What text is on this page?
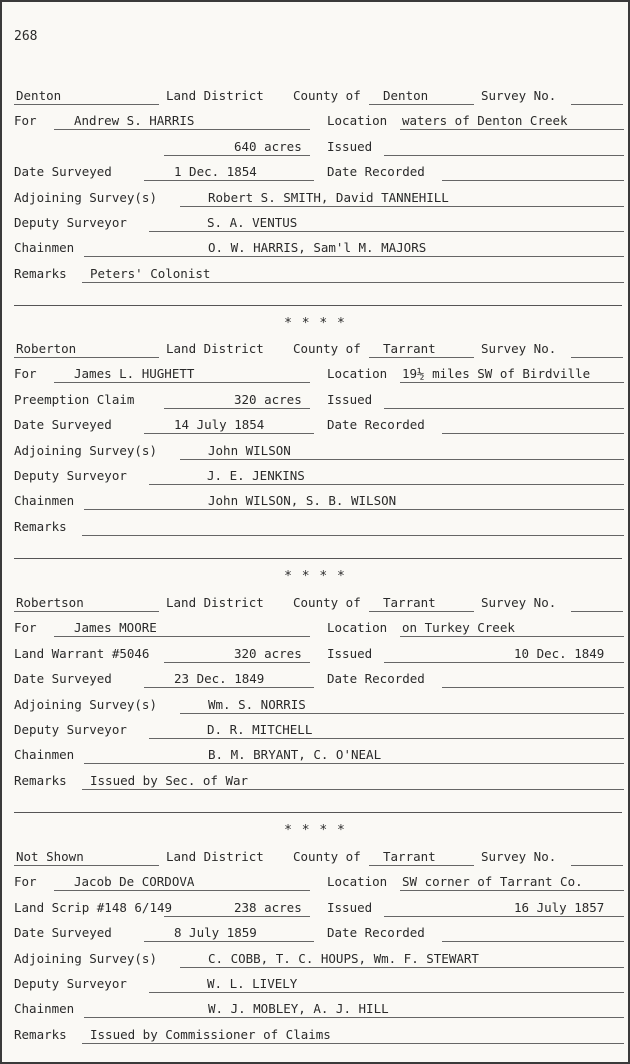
268
Denton	Land District County of Denton	Survey No.
For	Andrew S. HARRIS	Location waters of Denton Creek
640 acres Issued
Date Surveyed	1 Dec. 1854	Date Recorded
Adjoining Survey(s)	Robert S. SMITH, David TANNEHILL
Deputy Surveyor	S. A. VENTUS
Chainmen	O. W. HARRIS, Sam'l M. MAJORS
Remarks Peters' Colonist
* * * *
Roberton	Land District County of Tarrant	Survey No.
For	James L. HUGHETT	Location 19½ miles SW of Birdville
Preemption Claim	320 acres Issued
Date Surveyed	14 July 1854	Date Recorded
Adjoining Survey(s)	John WILSON
Deputy Surveyor	J. E. JENKINS
Chainmen	John WILSON, S. B. WILSON
Remarks
* * * *
Robertson	Land District County of Tarrant	Survey No.
For	James MOORE	Location on Turkey Creek
Land Warrant #5046	320 acres Issued	10 Dec. 1849
Date Surveyed	23 Dec. 1849	Date Recorded
Adjoining Survey(s)	Wm. S. NORRIS
Deputy Surveyor	D. R. MITCHELL
Chainmen	B. M. BRYANT, C. O'NEAL
Remarks Issued by Sec. of War
* * * *
Not Shown	Land District County of Tarrant	Survey No.
For	Jacob De CORDOVA	Location SW corner of Tarrant Co.
Land Scrip #148 6/149	238 acres Issued	16 July 1857
Date Surveyed	8 July 1859	Date Recorded
Adjoining Survey(s)	C. COBB, T. C. HOUPS, Wm. F. STEWART
Deputy Surveyor	W. L. LIVELY
Chainmen	W. J. MOBLEY, A. J. HILL
Remarks Issued by Commissioner of Claims
